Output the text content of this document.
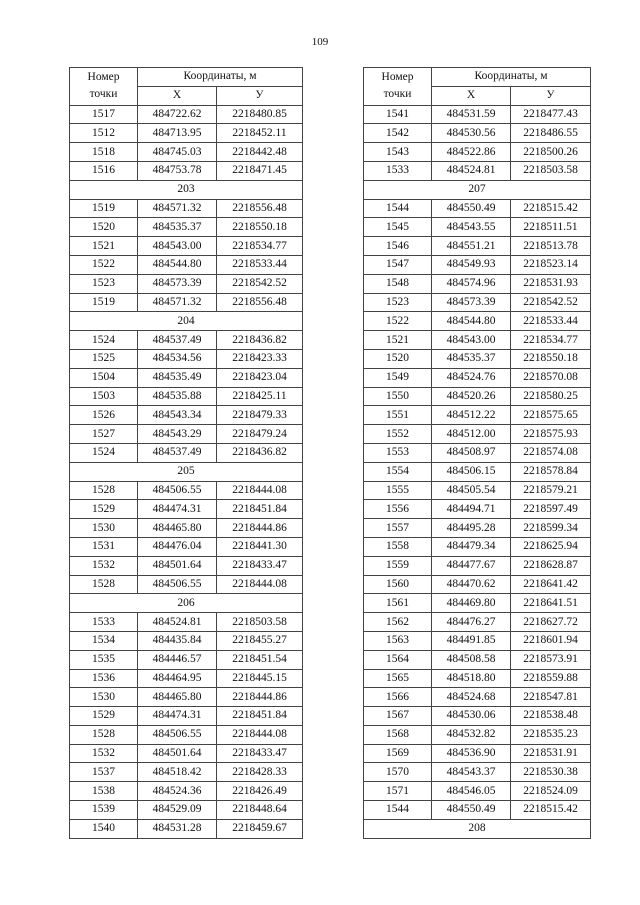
109
Номер
точки	Координаты, м	
	X	У
1517	484722.62	2218480.85
1512	484713.95	2218452.11
1518	484745.03	2218442.48
1516	484753.78	2218471.45
203		
1519	484571.32	2218556.48
1520	484535.37	2218550.18
1521	484543.00	2218534.77
1522	484544.80	2218533.44
1523	484573.39	2218542.52
1519	484571.32	2218556.48
204		
1524	484537.49	2218436.82
1525	484534.56	2218423.33
1504	484535.49	2218423.04
1503	484535.88	2218425.11
1526	484543.34	2218479.33
1527	484543.29	2218479.24
1524	484537.49	2218436.82
205		
1528	484506.55	2218444.08
1529	484474.31	2218451.84
1530	484465.80	2218444.86
1531	484476.04	2218441.30
1532	484501.64	2218433.47
1528	484506.55	2218444.08
206		
1533	484524.81	2218503.58
1534	484435.84	2218455.27
1535	484446.57	2218451.54
1536	484464.95	2218445.15
1530	484465.80	2218444.86
1529	484474.31	2218451.84
1528	484506.55	2218444.08
1532	484501.64	2218433.47
1537	484518.42	2218428.33
1538	484524.36	2218426.49
1539	484529.09	2218448.64
1540	484531.28	2218459.67
Номер
точки	Координаты, м	
	X	У
1541	484531.59	2218477.43
1542	484530.56	2218486.55
1543	484522.86	2218500.26
1533	484524.81	2218503.58
207		
1544	484550.49	2218515.42
1545	484543.55	2218511.51
1546	484551.21	2218513.78
1547	484549.93	2218523.14
1548	484574.96	2218531.93
1523	484573.39	2218542.52
1522	484544.80	2218533.44
1521	484543.00	2218534.77
1520	484535.37	2218550.18
1549	484524.76	2218570.08
1550	484520.26	2218580.25
1551	484512.22	2218575.65
1552	484512.00	2218575.93
1553	484508.97	2218574.08
1554	484506.15	2218578.84
1555	484505.54	2218579.21
1556	484494.71	2218597.49
1557	484495.28	2218599.34
1558	484479.34	2218625.94
1559	484477.67	2218628.87
1560	484470.62	2218641.42
1561	484469.80	2218641.51
1562	484476.27	2218627.72
1563	484491.85	2218601.94
1564	484508.58	2218573.91
1565	484518.80	2218559.88
1566	484524.68	2218547.81
1567	484530.06	2218538.48
1568	484532.82	2218535.23
1569	484536.90	2218531.91
1570	484543.37	2218530.38
1571	484546.05	2218524.09
1544	484550.49	2218515.42
208		
